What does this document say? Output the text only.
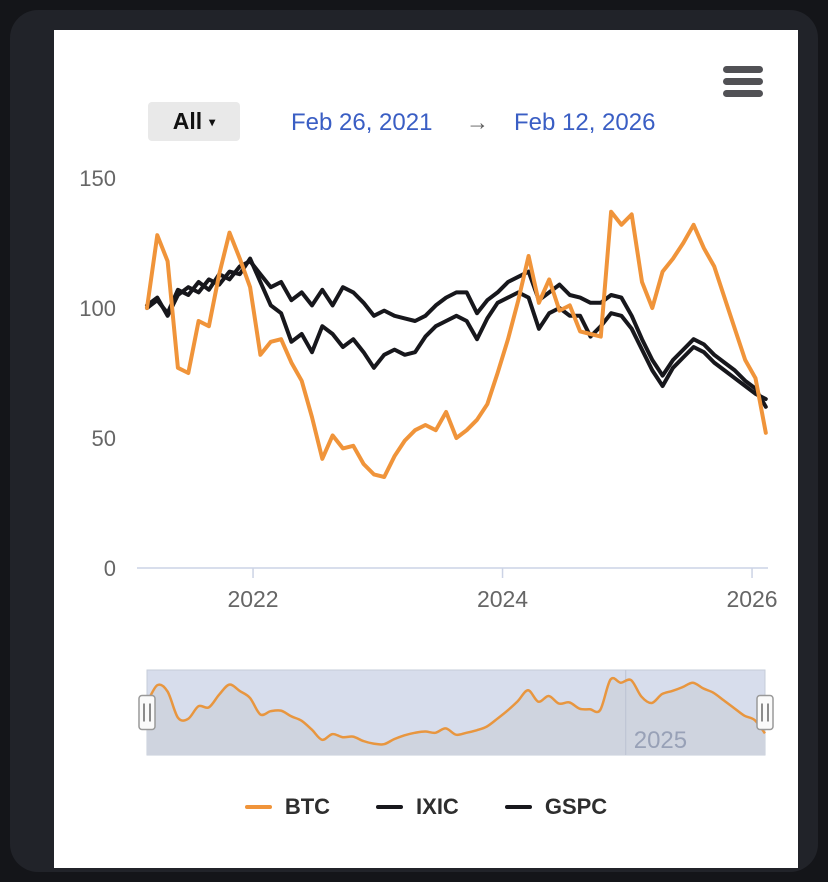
0
50
100
150
2022	2024	2026
2025
All ▾	Feb 26, 2021 → Feb 12, 2026
BTC	IXIC	GSPC
